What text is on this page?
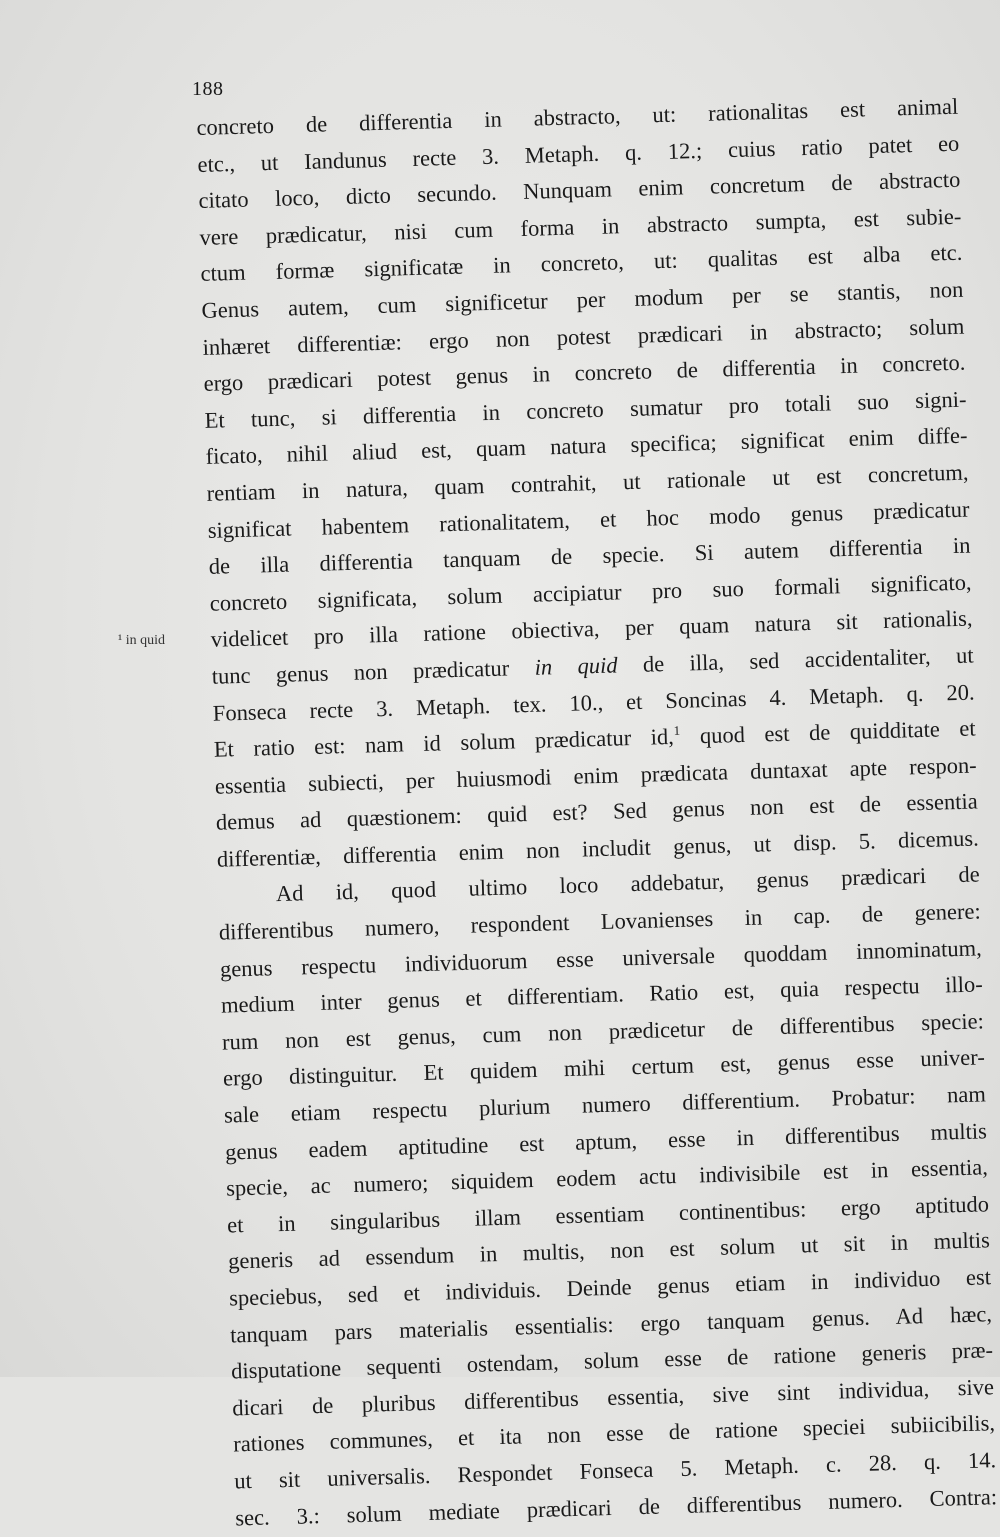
188
¹ in quid
concreto de differentia in abstracto, ut: rationalitas est animal
etc., ut Iandunus recte 3. Metaph. q. 12.; cuius ratio patet eo
citato loco, dicto secundo. Nunquam enim concretum de abstracto
vere prædicatur, nisi cum forma in abstracto sumpta, est subie-
ctum formæ significatæ in concreto, ut: qualitas est alba etc.
Genus autem, cum significetur per modum per se stantis, non
inhæret differentiæ: ergo non potest prædicari in abstracto; solum
ergo prædicari potest genus in concreto de differentia in concreto.
Et tunc, si differentia in concreto sumatur pro totali suo signi-
ficato, nihil aliud est, quam natura specifica; significat enim diffe-
rentiam in natura, quam contrahit, ut rationale ut est concretum,
significat habentem rationalitatem, et hoc modo genus prædicatur
de illa differentia tanquam de specie. Si autem differentia in
concreto significata, solum accipiatur pro suo formali significato,
videlicet pro illa ratione obiectiva, per quam natura sit rationalis,
tunc genus non prædicatur in quid de illa, sed accidentaliter, ut
Fonseca recte 3. Metaph. tex. 10., et Soncinas 4. Metaph. q. 20.
Et ratio est: nam id solum prædicatur id,$^1$ quod est de quidditate et
essentia subiecti, per huiusmodi enim prædicata duntaxat apte respon-
demus ad quæstionem: quid est? Sed genus non est de essentia
differentiæ, differentia enim non includit genus, ut disp. 5. dicemus.
Ad id, quod ultimo loco addebatur, genus prædicari de
differentibus numero, respondent Lovanienses in cap. de genere:
genus respectu individuorum esse universale quoddam innominatum,
medium inter genus et differentiam. Ratio est, quia respectu illo-
rum non est genus, cum non prædicetur de differentibus specie:
ergo distinguitur. Et quidem mihi certum est, genus esse univer-
sale etiam respectu plurium numero differentium. Probatur: nam
genus eadem aptitudine est aptum, esse in differentibus multis
specie, ac numero; siquidem eodem actu indivisibile est in essentia,
et in singularibus illam essentiam continentibus: ergo aptitudo
generis ad essendum in multis, non est solum ut sit in multis
speciebus, sed et individuis. Deinde genus etiam in individuo est
tanquam pars materialis essentialis: ergo tanquam genus. Ad hæc,
disputatione sequenti ostendam, solum esse de ratione generis præ-
dicari de pluribus differentibus essentia, sive sint individua, sive
rationes communes, et ita non esse de ratione speciei subiicibilis,
ut sit universalis. Respondet Fonseca 5. Metaph. c. 28. q. 14.
sec. 3.: solum mediate prædicari de differentibus numero. Contra:
